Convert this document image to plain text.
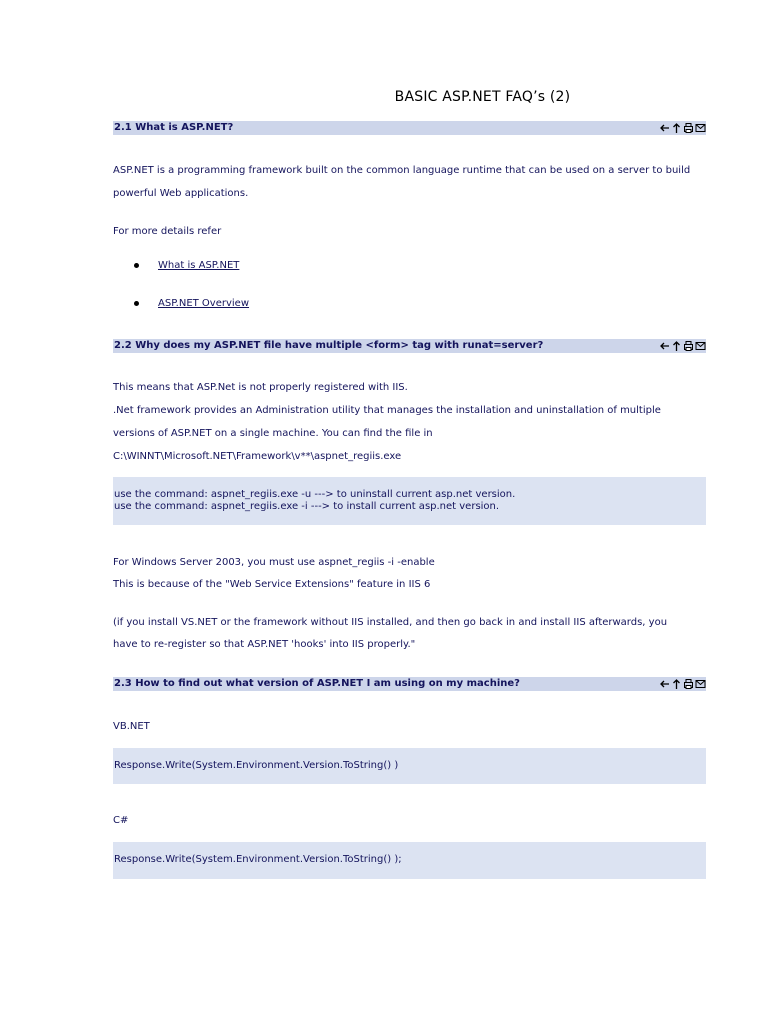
BASIC ASP.NET FAQ’s (2)
2.1 What is ASP.NET?
ASP.NET is a programming framework built on the common language runtime that can be used on a server to build
powerful Web applications.
For more details refer
What is ASP.NET
ASP.NET Overview
2.2 Why does my ASP.NET file have multiple <form> tag with runat=server?
This means that ASP.Net is not properly registered with IIS.
.Net framework provides an Administration utility that manages the installation and uninstallation of multiple
versions of ASP.NET on a single machine. You can find the file in
C:\WINNT\Microsoft.NET\Framework\v**\aspnet_regiis.exe
use the command: aspnet_regiis.exe -u ---> to uninstall current asp.net version.
use the command: aspnet_regiis.exe -i ---> to install current asp.net version.
For Windows Server 2003, you must use aspnet_regiis -i -enable
This is because of the "Web Service Extensions" feature in IIS 6
(if you install VS.NET or the framework without IIS installed, and then go back in and install IIS afterwards, you
have to re-register so that ASP.NET 'hooks' into IIS properly."
2.3 How to find out what version of ASP.NET I am using on my machine?
VB.NET
Response.Write(System.Environment.Version.ToString() )
C#
Response.Write(System.Environment.Version.ToString() );
